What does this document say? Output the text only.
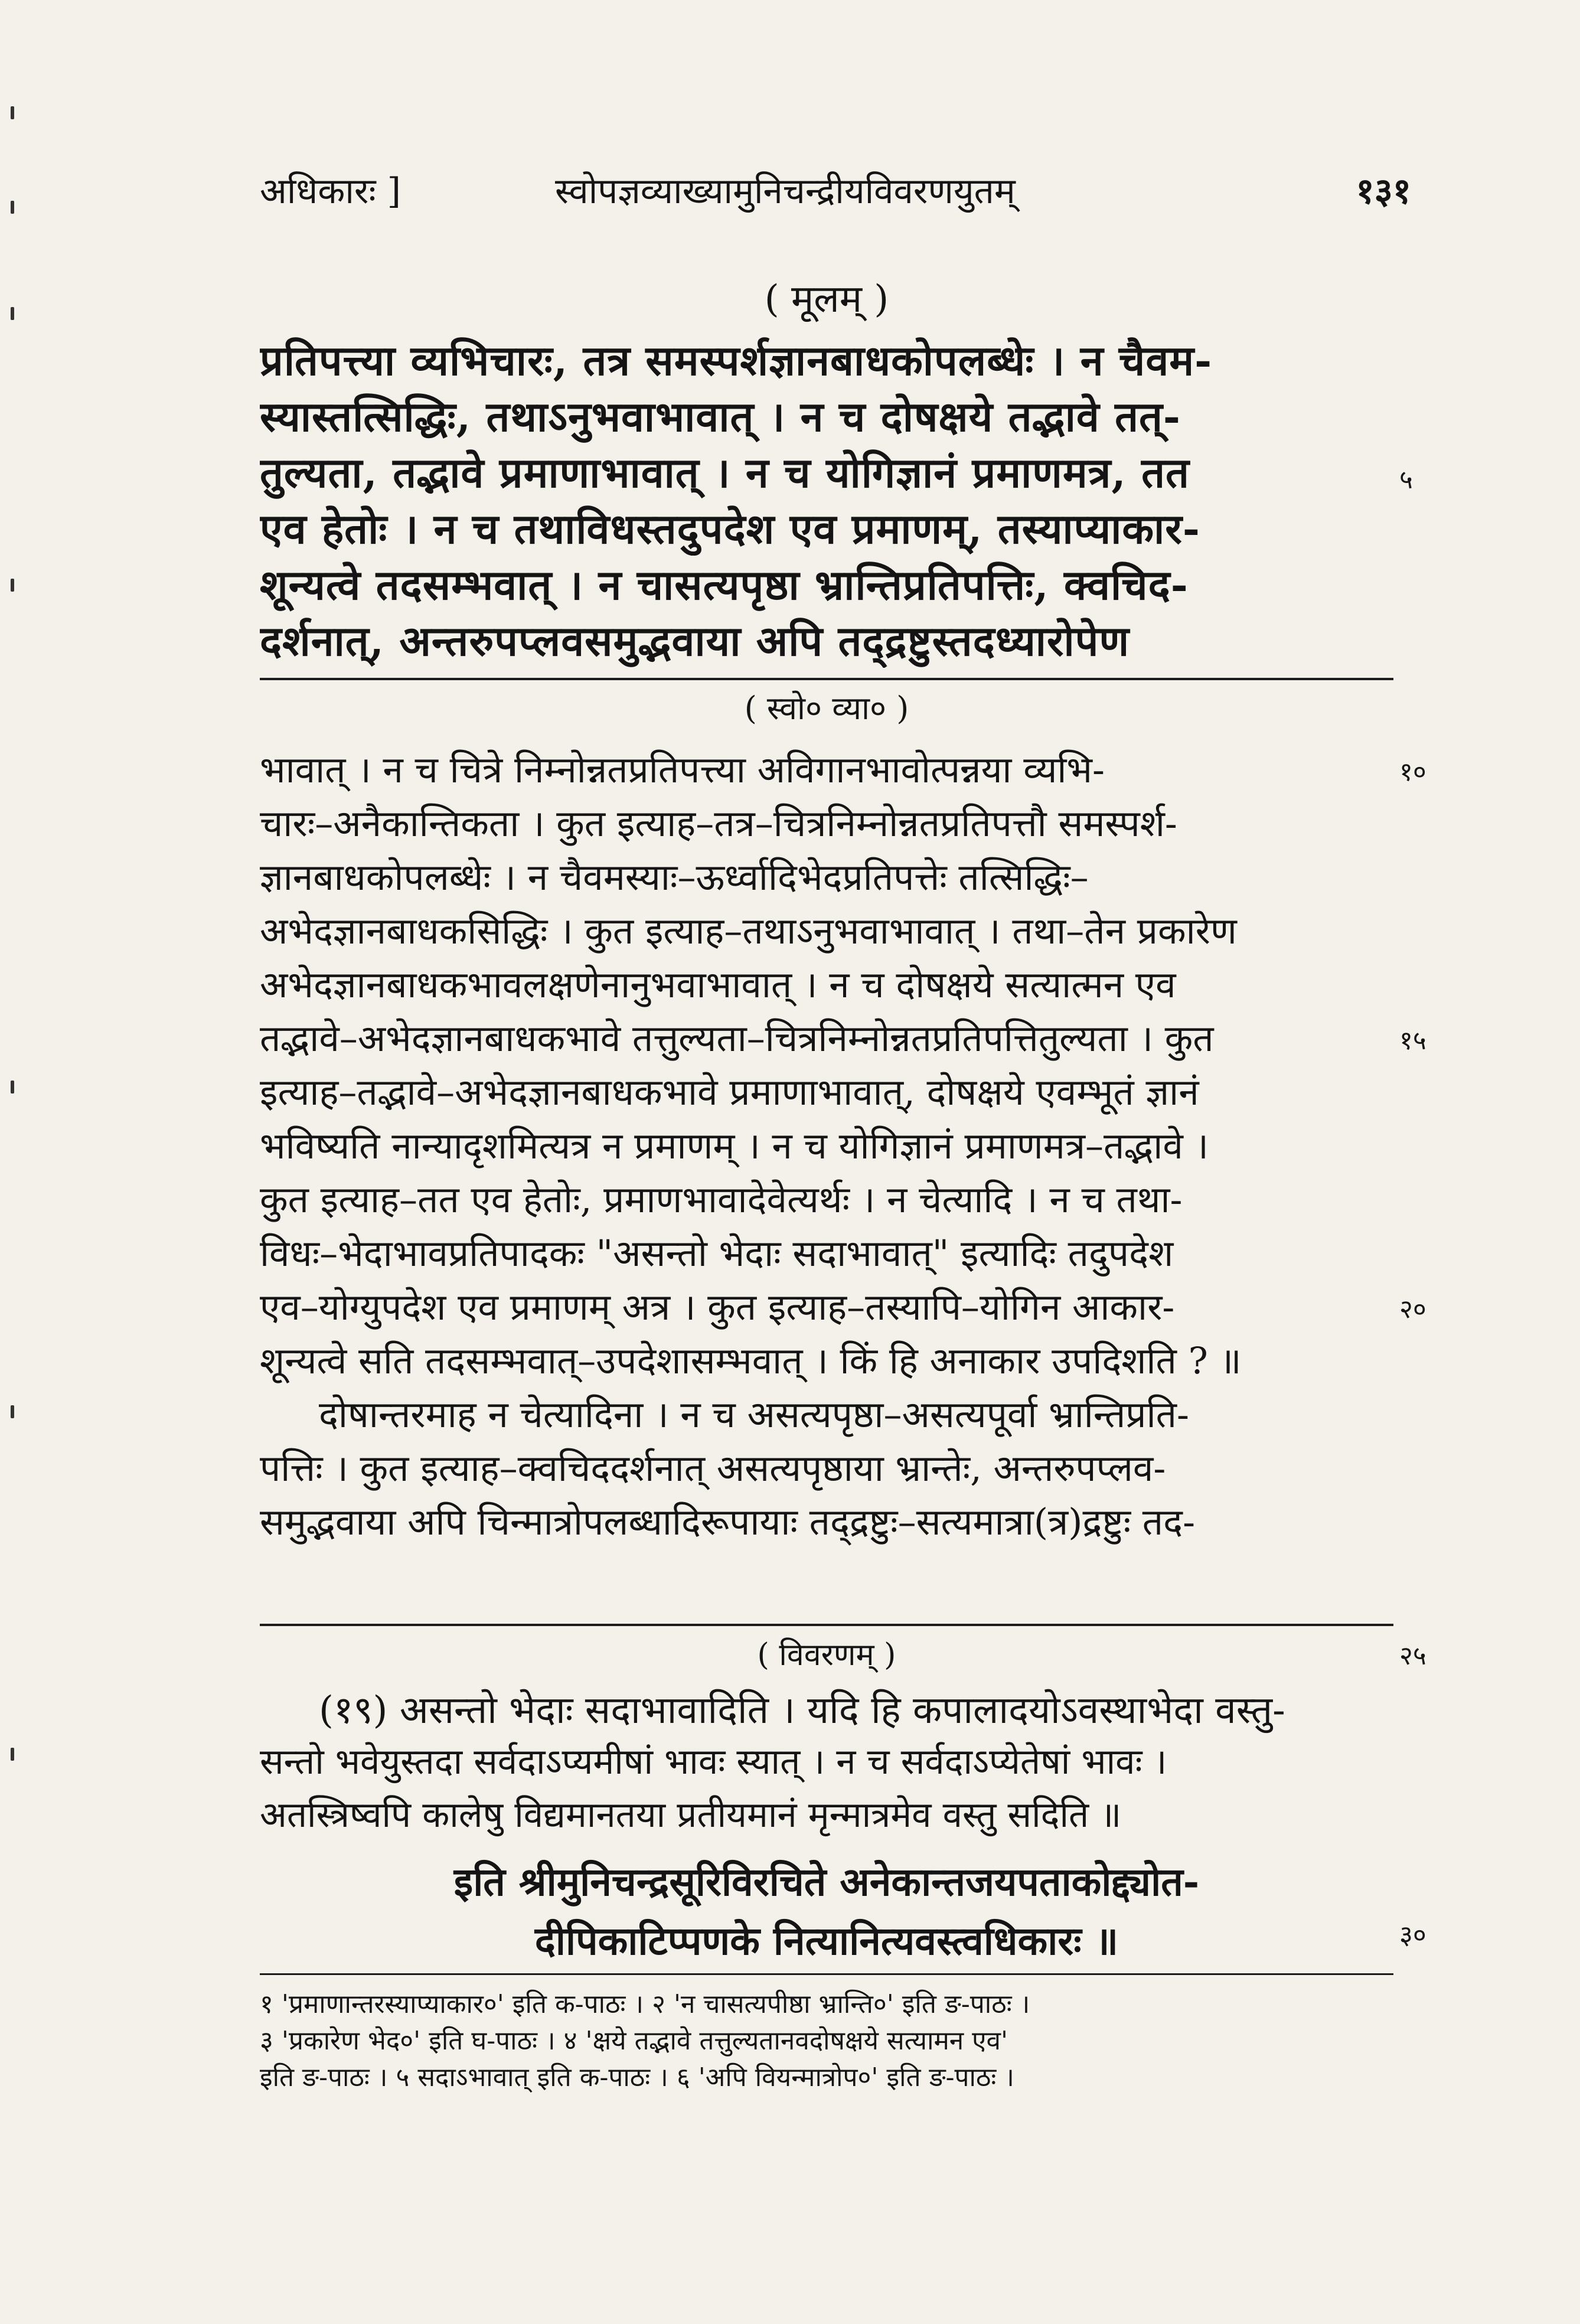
अधिकारः ]	स्वोपज्ञव्याख्यामुनिचन्द्रीयविवरणयुतम्	१३१
( मूलम् )
प्रतिपत्त्या व्यभिचारः, तत्र समस्पर्शज्ञानबाधकोपलब्धेः । न चैवम-
स्यास्तत्सिद्धिः, तथाऽनुभवाभावात् । न च दोषक्षये तद्भावे तत्-
तुल्यता, तद्भावे प्रमाणाभावात् । न च योगिज्ञानं प्रमाणमत्र, तत
एव हेतोः । न च तथाविधस्तदुपदेश एव प्रमाणम्, तस्याप्याकार-
शून्यत्वे तदसम्भवात् । न चासत्यपृष्ठा भ्रान्तिप्रतिपत्तिः, क्वचिद-
दर्शनात्, अन्तरुपप्लवसमुद्भवाया अपि तद्द्रष्टुस्तदध्यारोपेण
५
( स्वो० व्या० )
भावात् । न च चित्रे निम्नोन्नतप्रतिपत्त्या अविगानभावोत्पन्नया व्यभि-
चारः–अनैकान्तिकता । कुत इत्याह–तत्र–चित्रनिम्नोन्नतप्रतिपत्तौ समस्पर्श-
ज्ञानबाधकोपलब्धेः । न चैवमस्याः–ऊर्ध्वादिभेदप्रतिपत्तेः तत्सिद्धिः–
अभेदज्ञानबाधकसिद्धिः । कुत इत्याह–तथाऽनुभवाभावात् । तथा–तेन प्रकारेण
अभेदज्ञानबाधकभावलक्षणेनानुभवाभावात् । न च दोषक्षये सत्यात्मन एव
तद्भावे–अभेदज्ञानबाधकभावे तत्तुल्यता–चित्रनिम्नोन्नतप्रतिपत्तितुल्यता । कुत
इत्याह–तद्भावे–अभेदज्ञानबाधकभावे प्रमाणाभावात्, दोषक्षये एवम्भूतं ज्ञानं
भविष्यति नान्यादृशमित्यत्र न प्रमाणम् । न च योगिज्ञानं प्रमाणमत्र–तद्भावे ।
कुत इत्याह–तत एव हेतोः, प्रमाणभावादेवेत्यर्थः । न चेत्यादि । न च तथा-
विधः–भेदाभावप्रतिपादकः "असन्तो भेदाः सदाभावात्" इत्यादिः तदुपदेश
एव–योग्युपदेश एव प्रमाणम् अत्र । कुत इत्याह–तस्यापि–योगिन आकार-
शून्यत्वे सति तदसम्भवात्–उपदेशासम्भवात् । किं हि अनाकार उपदिशति ? ॥
दोषान्तरमाह न चेत्यादिना । न च असत्यपृष्ठा–असत्यपूर्वा भ्रान्तिप्रति-
पत्तिः । कुत इत्याह–क्वचिददर्शनात् असत्यपृष्ठाया भ्रान्तेः, अन्तरुपप्लव-
समुद्भवाया अपि चिन्मात्रोपलब्धादिरूपायाः तद्द्रष्टुः–सत्यमात्रा(त्र)द्रष्टुः तद-
१०
१५
२०
( विवरणम् )	२५
(१९) असन्तो भेदाः सदाभावादिति । यदि हि कपालादयोऽवस्थाभेदा वस्तु-
सन्तो भवेयुस्तदा सर्वदाऽप्यमीषां भावः स्यात् । न च सर्वदाऽप्येतेषां भावः ।
अतस्त्रिष्वपि कालेषु विद्यमानतया प्रतीयमानं मृन्मात्रमेव वस्तु सदिति ॥
इति श्रीमुनिचन्द्रसूरिविरचिते अनेकान्तजयपताकोद्द्योत-
दीपिकाटिप्पणके नित्यानित्यवस्त्वधिकारः ॥	३०
१ 'प्रमाणान्तरस्याप्याकार०' इति क-पाठः । २ 'न चासत्यपीष्ठा भ्रान्ति०' इति ङ-पाठः ।
३ 'प्रकारेण भेद०' इति घ-पाठः । ४ 'क्षये तद्भावे तत्तुल्यतानवदोषक्षये सत्यामन एव'
इति ङ-पाठः । ५ सदाऽभावात् इति क-पाठः । ६ 'अपि वियन्मात्रोप०' इति ङ-पाठः ।
